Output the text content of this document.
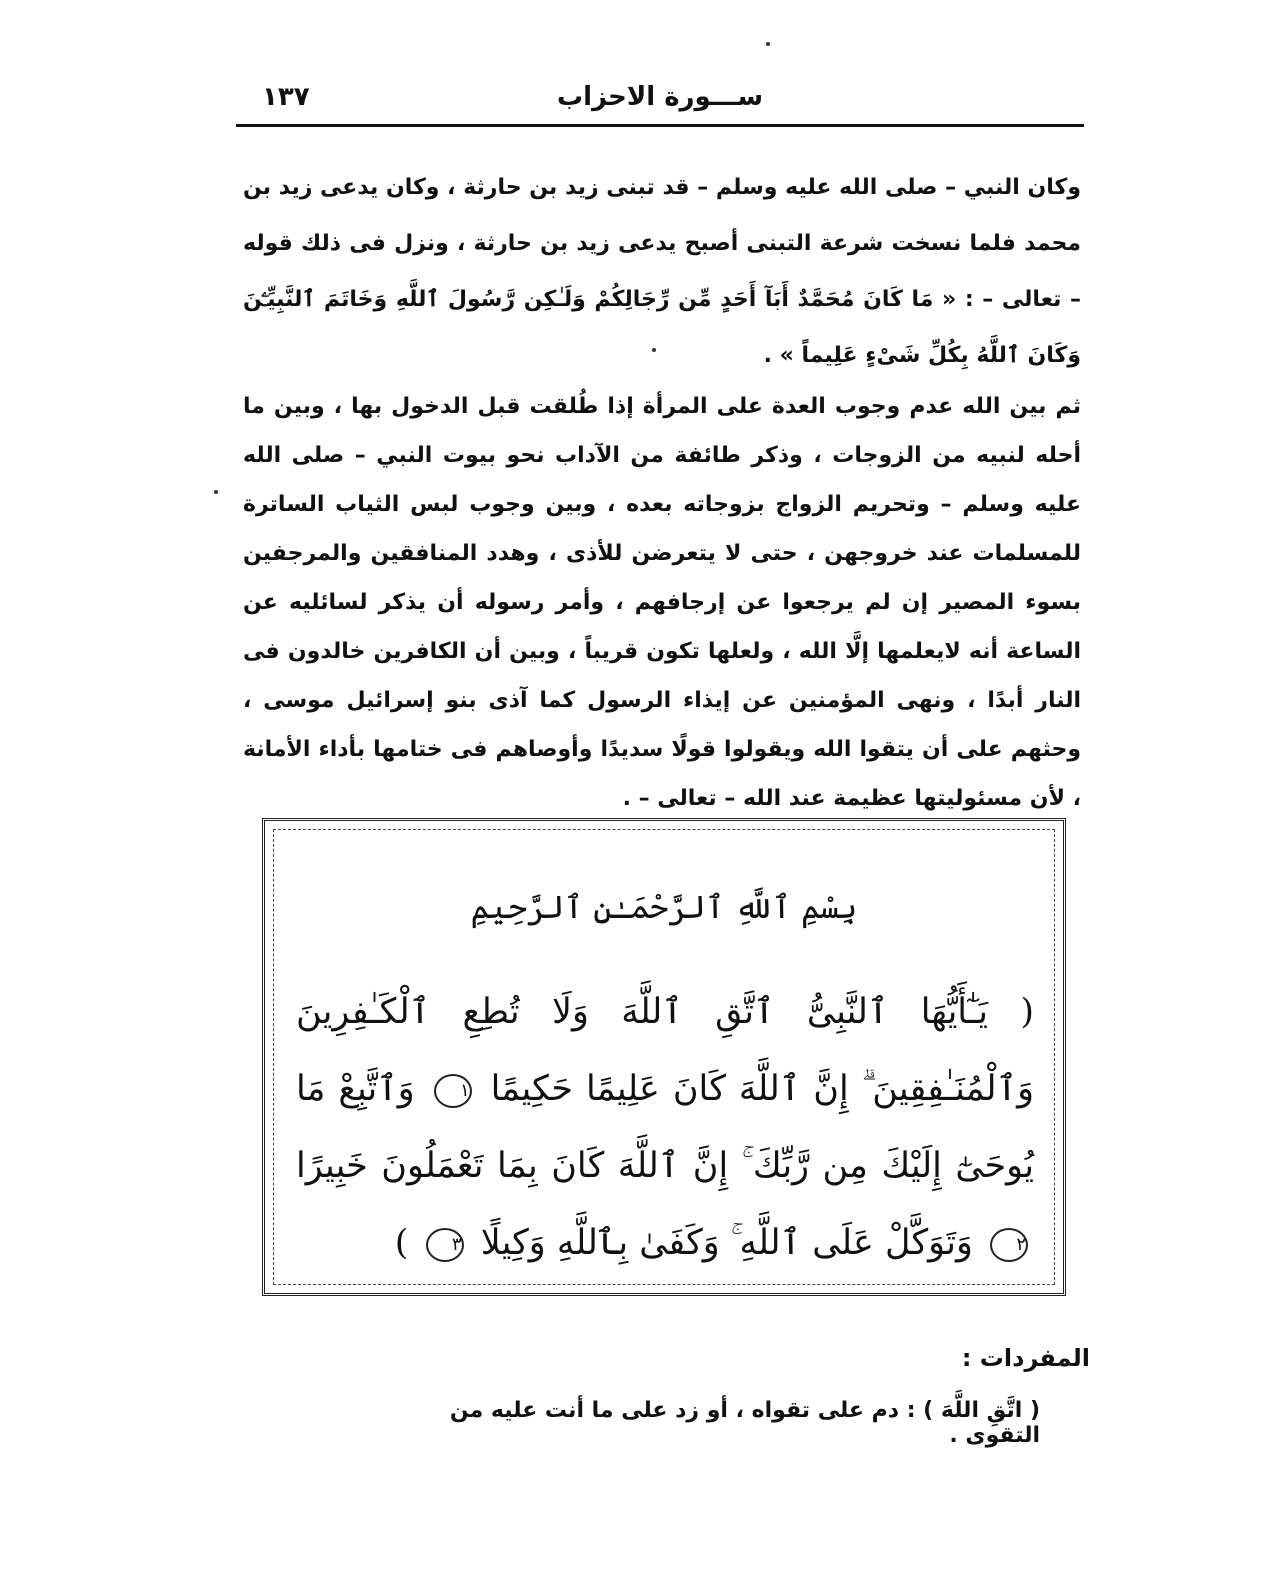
١٣٧	ســـورة الاحزاب
وكان النبي – صلى الله عليه وسلم – قد تبنى زيد بن حارثة ، وكان يدعى زيد بن محمد فلما نسخت شرعة التبنى أصبح يدعى زيد بن حارثة ، ونزل فى ذلك قوله – تعالى – : « مَا كَانَ مُحَمَّدٌ أَبَآ أَحَدٍ مِّن رِّجَالِكُمْ وَلَـٰكِن رَّسُولَ ٱللَّهِ وَخَاتَمَ ٱلنَّبِيِّـۧنَ وَكَانَ ٱللَّهُ بِكُلِّ شَىْءٍ عَلِيماً » .
ثم بين الله عدم وجوب العدة على المرأة إذا طُلقت قبل الدخول بها ، وبين ما أحله لنبيه من الزوجات ، وذكر طائفة من الآداب نحو بيوت النبي – صلى الله عليه وسلم – وتحريم الزواج بزوجاته بعده ، وبين وجوب لبس الثياب الساترة للمسلمات عند خروجهن ، حتى لا يتعرضن للأذى ، وهدد المنافقين والمرجفين بسوء المصير إن لم يرجعوا عن إرجافهم ، وأمر رسوله أن يذكر لسائليه عن الساعة أنه لايعلمها إلَّا الله ، ولعلها تكون قريباً ، وبين أن الكافرين خالدون فى النار أبدًا ، ونهى المؤمنين عن إيذاء الرسول كما آذى بنو إسرائيل موسى ، وحثهم على أن يتقوا الله ويقولوا قولًا سديدًا وأوصاهم فى ختامها بأداء الأمانة ، لأن مسئوليتها عظيمة عند الله – تعالى – .
بِسْمِ ٱللَّهِ ٱلرَّحْمَـٰنِ ٱلرَّحِيمِ
( يَـٰٓأَيُّهَا ٱلنَّبِىُّ ٱتَّقِ ٱللَّهَ وَلَا تُطِعِ ٱلْكَـٰفِرِينَ وَٱلْمُنَـٰفِقِينَ ۗ إِنَّ ٱللَّهَ كَانَ عَلِيمًا حَكِيمًا ١ وَٱتَّبِعْ مَا يُوحَىٰٓ إِلَيْكَ مِن رَّبِّكَ ۚ إِنَّ ٱللَّهَ كَانَ بِمَا تَعْمَلُونَ خَبِيرًا ٢ وَتَوَكَّلْ عَلَى ٱللَّهِ ۚ وَكَفَىٰ بِٱللَّهِ وَكِيلًا ٣ )
المفردات :
( اتَّقِ اللَّهَ ) : دم على تقواه ، أو زد على ما أنت عليه من التقوى .
